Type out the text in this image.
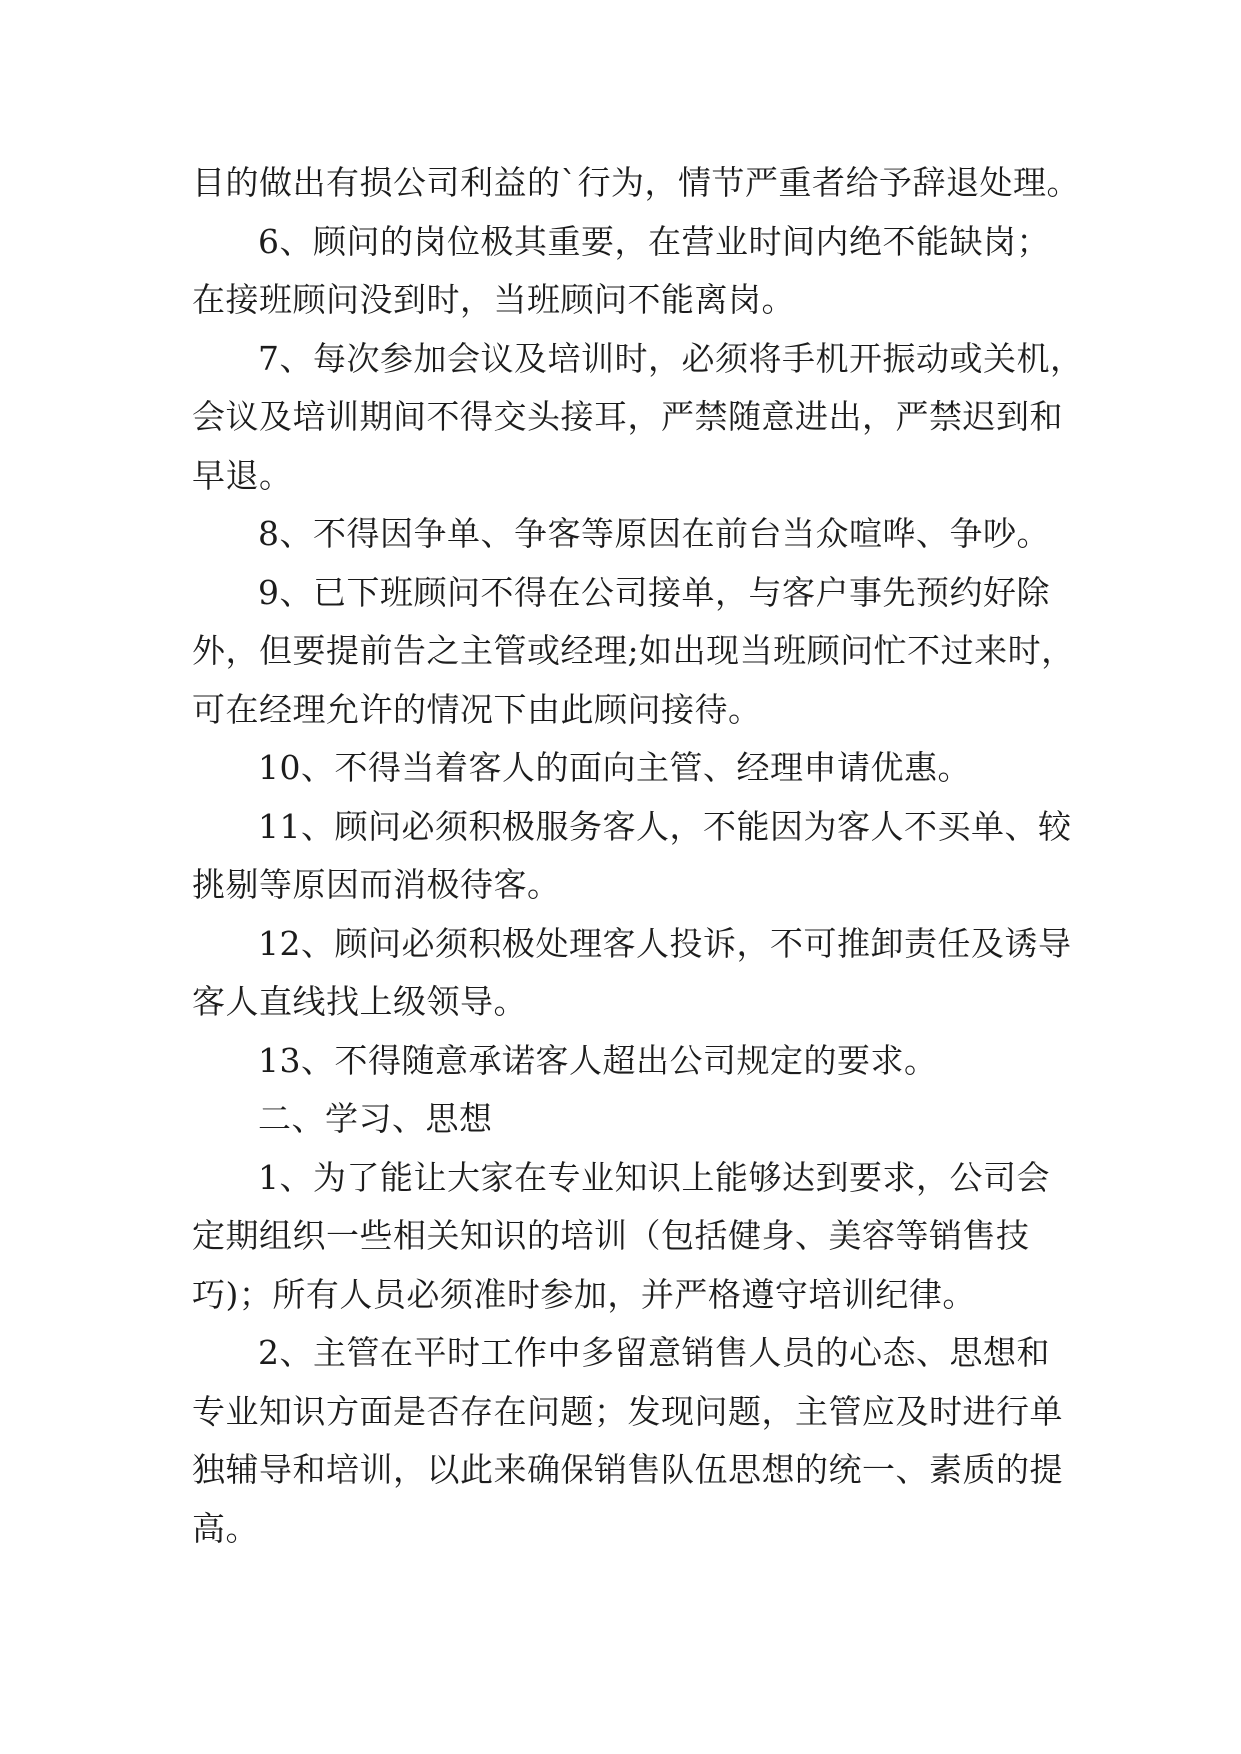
目的做出有损公司利益的`行为，情节严重者给予辞退处理。
6、顾问的岗位极其重要，在营业时间内绝不能缺岗；
在接班顾问没到时，当班顾问不能离岗。
7、每次参加会议及培训时，必须将手机开振动或关机，
会议及培训期间不得交头接耳，严禁随意进出，严禁迟到和
早退。
8、不得因争单、争客等原因在前台当众喧哗、争吵。
9、已下班顾问不得在公司接单，与客户事先预约好除
外，但要提前告之主管或经理;如出现当班顾问忙不过来时，
可在经理允许的情况下由此顾问接待。
10、不得当着客人的面向主管、经理申请优惠。
11、顾问必须积极服务客人，不能因为客人不买单、较
挑剔等原因而消极待客。
12、顾问必须积极处理客人投诉，不可推卸责任及诱导
客人直线找上级领导。
13、不得随意承诺客人超出公司规定的要求。
二、学习、思想
1、为了能让大家在专业知识上能够达到要求，公司会
定期组织一些相关知识的培训（包括健身、美容等销售技
巧)；所有人员必须准时参加，并严格遵守培训纪律。
2、主管在平时工作中多留意销售人员的心态、思想和
专业知识方面是否存在问题；发现问题，主管应及时进行单
独辅导和培训，以此来确保销售队伍思想的统一、素质的提
高。
